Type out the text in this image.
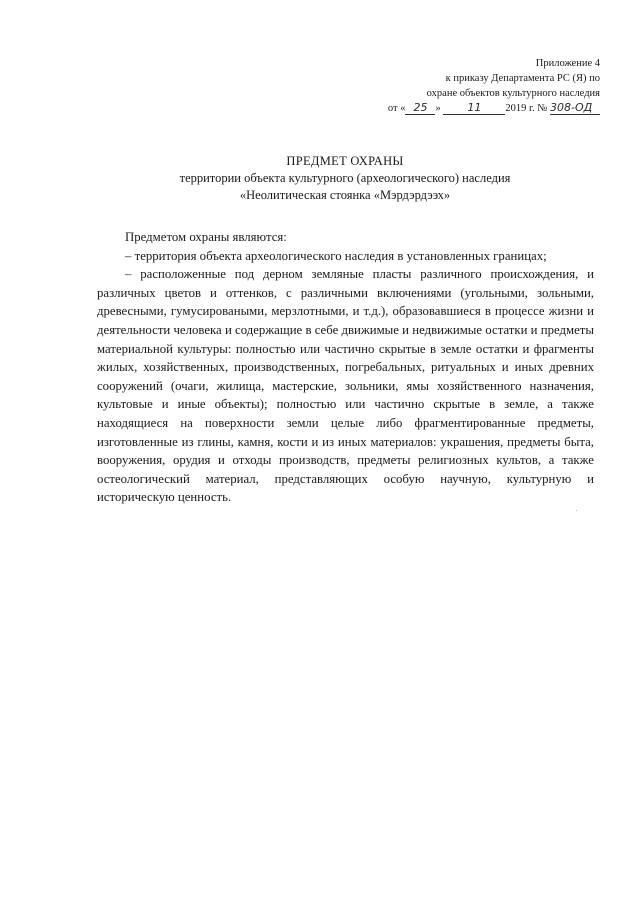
Приложение 4
к приказу Департамента РС (Я) по
охране объектов культурного наследия
от « 25 » 11 2019 г. № 308-ОД
ПРЕДМЕТ ОХРАНЫ
территории объекта культурного (археологического) наследия
«Неолитическая стоянка «Мэрдэрдээх»

Предметом охраны являются:

– территория объекта археологического наследия в установленных границах;

– расположенные под дерном земляные пласты различного происхождения, и различных цветов и оттенков, с различными включениями (угольными, зольными, древесными, гумусироваными, мерзлотными, и т.д.), образовавшиеся в процессе жизни и деятельности человека и содержащие в себе движимые и недвижимые остатки и предметы материальной культуры: полностью или частично скрытые в земле остатки и фрагменты жилых, хозяйственных, производственных, погребальных, ритуальных и иных древних сооружений (очаги, жилища, мастерские, зольники, ямы хозяйственного назначения, культовые и иные объекты); полностью или частично скрытые в земле, а также находящиеся на поверхности земли целые либо фрагментированные предметы, изготовленные из глины, камня, кости и из иных материалов: украшения, предметы быта, вооружения, орудия и отходы производств, предметы религиозных культов, а также остеологический материал, представляющих особую научную, культурную и историческую ценность.
